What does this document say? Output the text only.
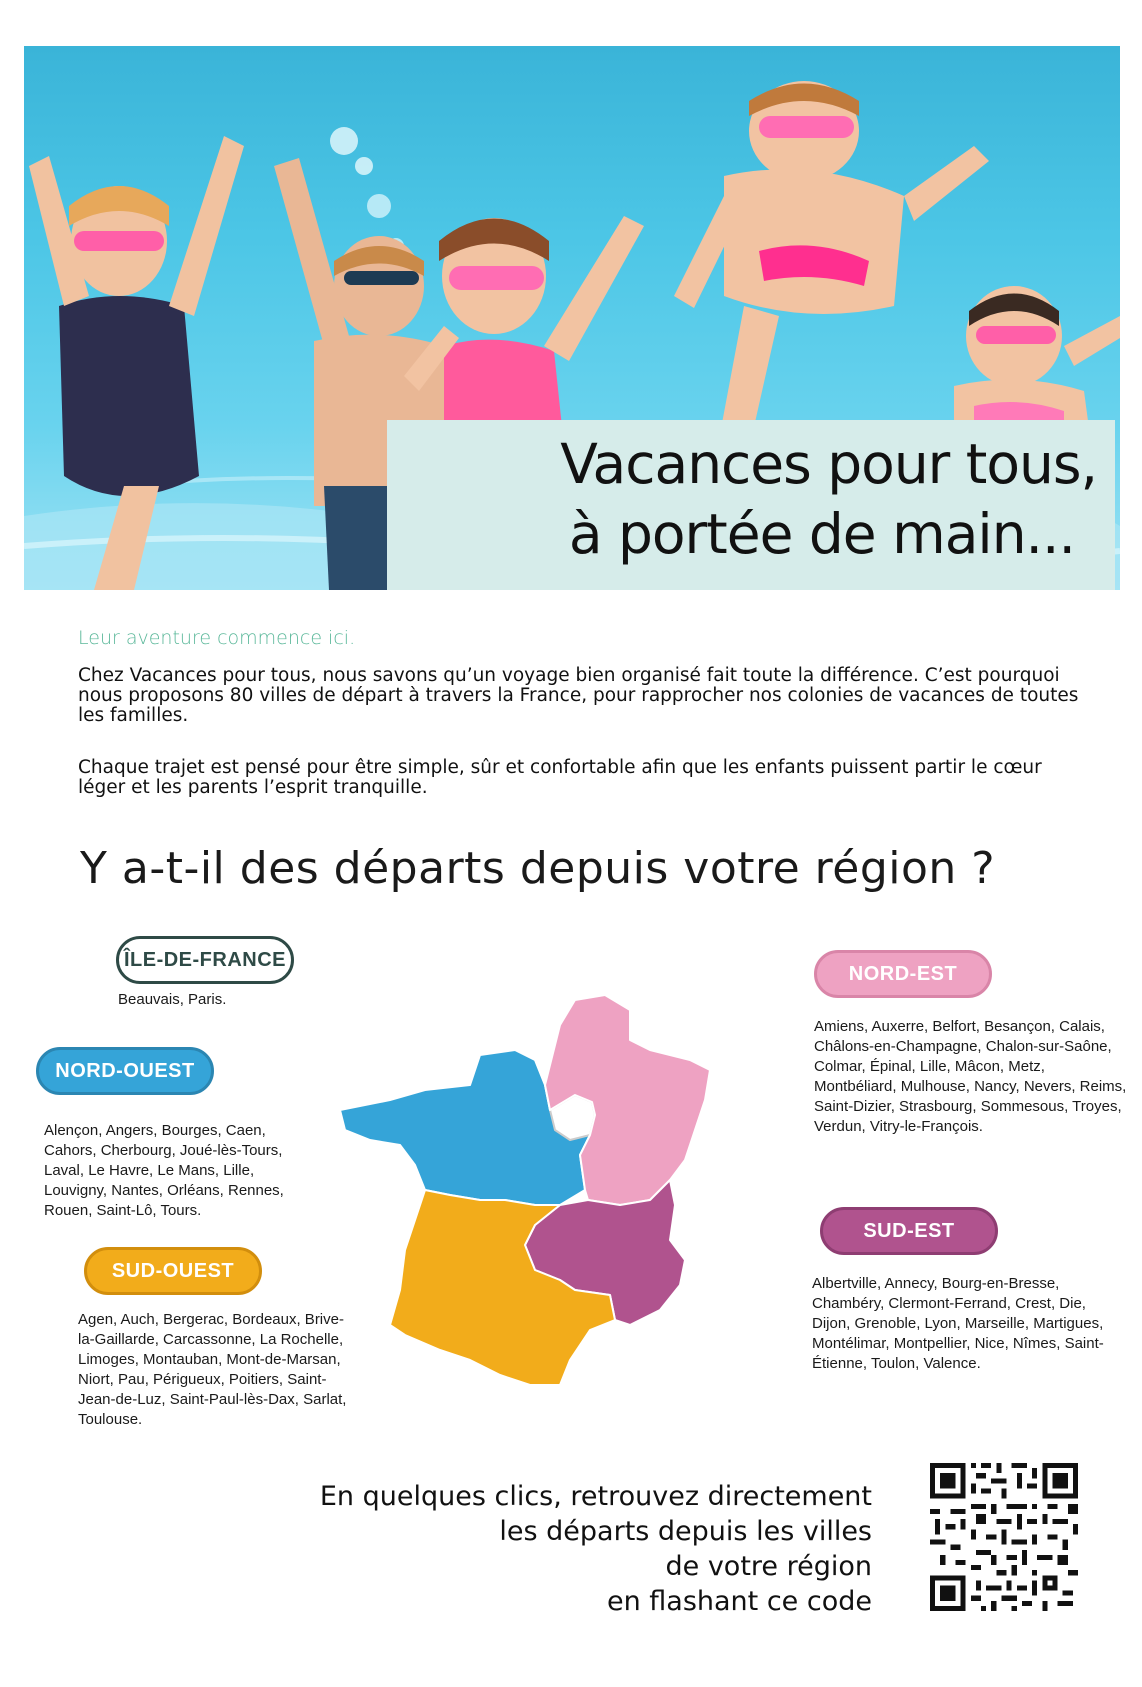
Vacances pour tous,
à portée de main...
Leur aventure commence ici.
Chez Vacances pour tous, nous savons qu’un voyage bien organisé fait toute la différence. C’est pourquoi nous proposons 80 villes de départ à travers la France, pour rapprocher nos colonies de vacances de toutes les familles.
Chaque trajet est pensé pour être simple, sûr et confortable afin que les enfants puissent partir le cœur léger et les parents l’esprit tranquille.
Y a-t-il des départs depuis votre région ?
ÎLE-DE-FRANCE
Beauvais, Paris.
NORD-OUEST
Alençon, Angers, Bourges, Caen, Cahors, Cherbourg, Joué-lès-Tours, Laval, Le Havre, Le Mans, Lille, Louvigny, Nantes, Orléans, Rennes, Rouen, Saint-Lô, Tours.
SUD-OUEST
Agen, Auch, Bergerac, Bordeaux, Brive-la-Gaillarde, Carcassonne, La Rochelle, Limoges, Montauban, Mont-de-Marsan, Niort, Pau, Périgueux, Poitiers, Saint-Jean-de-Luz, Saint-Paul-lès-Dax, Sarlat, Toulouse.
NORD-EST
Amiens, Auxerre, Belfort, Besançon, Calais, Châlons-en-Champagne, Chalon-sur-Saône, Colmar, Épinal, Lille, Mâcon, Metz, Montbéliard, Mulhouse, Nancy, Nevers, Reims, Saint-Dizier, Strasbourg, Sommesous, Troyes, Verdun, Vitry-le-François.
SUD-EST
Albertville, Annecy, Bourg-en-Bresse, Chambéry, Clermont-Ferrand, Crest, Die, Dijon, Grenoble, Lyon, Marseille, Martigues, Montélimar, Montpellier, Nice, Nîmes, Saint-Étienne, Toulon, Valence.
En quelques clics, retrouvez directement
les départs depuis les villes
de votre région
en flashant ce code
